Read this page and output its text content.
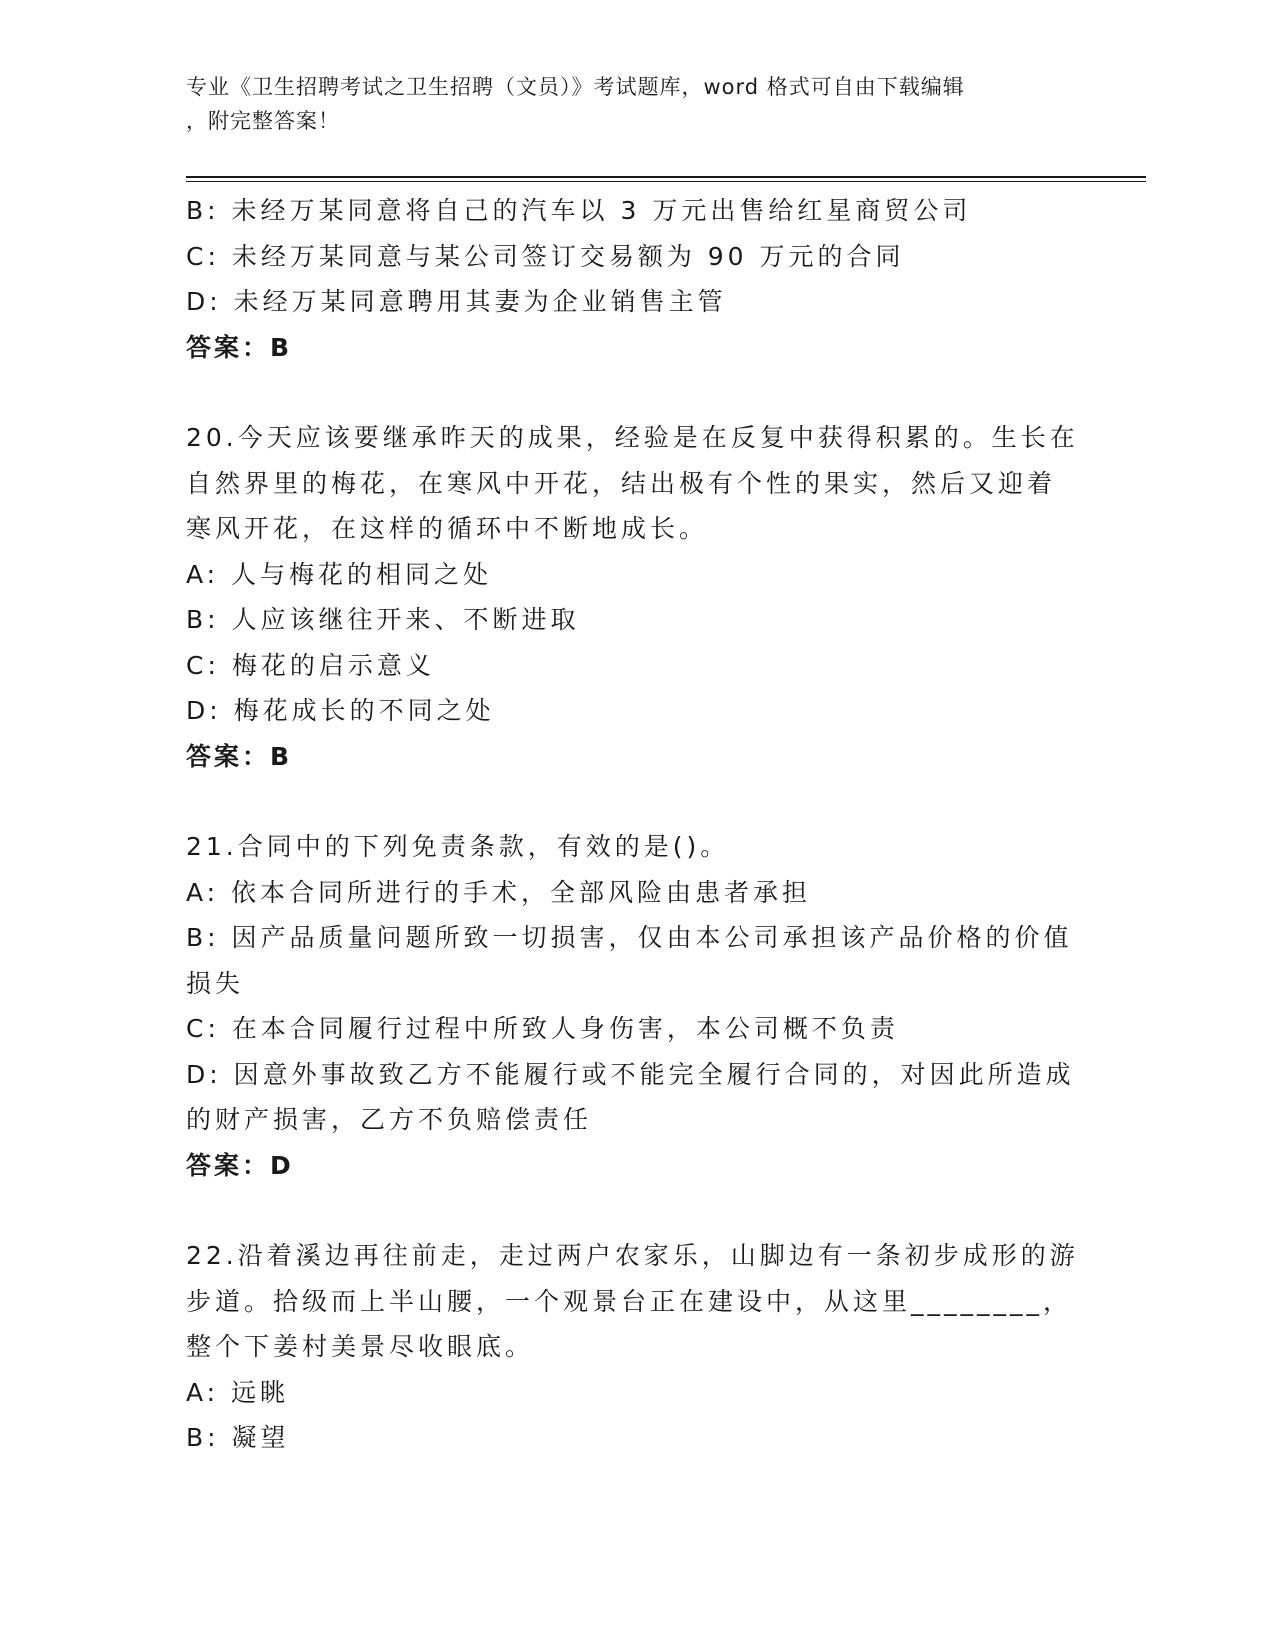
专业《卫生招聘考试之卫生招聘（文员）》考试题库，word 格式可自由下载编辑
，附完整答案！

B: 未经万某同意将自己的汽车以 3 万元出售给红星商贸公司

C: 未经万某同意与某公司签订交易额为 90 万元的合同

D: 未经万某同意聘用其妻为企业销售主管

答案：B

20.今天应该要继承昨天的成果，经验是在反复中获得积累的。生长在

自然界里的梅花，在寒风中开花，结出极有个性的果实，然后又迎着

寒风开花，在这样的循环中不断地成长。

A: 人与梅花的相同之处

B: 人应该继往开来、不断进取

C: 梅花的启示意义

D: 梅花成长的不同之处

答案：B

21.合同中的下列免责条款，有效的是()。

A: 依本合同所进行的手术，全部风险由患者承担

B: 因产品质量问题所致一切损害，仅由本公司承担该产品价格的价值

损失

C: 在本合同履行过程中所致人身伤害，本公司概不负责

D: 因意外事故致乙方不能履行或不能完全履行合同的，对因此所造成

的财产损害，乙方不负赔偿责任

答案：D

22.沿着溪边再往前走，走过两户农家乐，山脚边有一条初步成形的游

步道。拾级而上半山腰，一个观景台正在建设中，从这里________，

整个下姜村美景尽收眼底。

A: 远眺

B: 凝望
